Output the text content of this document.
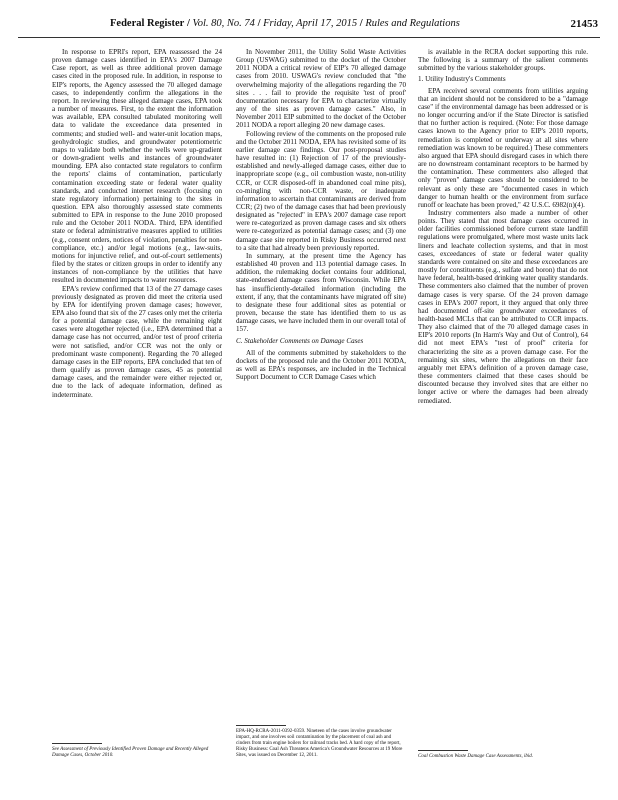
Federal Register / Vol. 80, No. 74 / Friday, April 17, 2015 / Rules and Regulations	21453

In response to EPRI's report, EPA reassessed the 24 proven damage cases identified in EPA's 2007 Damage Case report, as well as three additional proven damage cases cited in the proposed rule. In addition, in response to EIP's reports, the Agency assessed the 70 alleged damage cases, to independently confirm the allegations in the report. In reviewing these alleged damage cases, EPA took a number of measures. First, to the extent the information was available, EPA consulted tabulated monitoring well data to validate the exceedance data presented in comments; and studied well- and water-unit location maps, geohydrologic studies, and groundwater potentiometric maps to validate both whether the wells were up-gradient or down-gradient wells and instances of groundwater mounding. EPA also contacted state regulators to confirm the reports' claims of contamination, particularly contamination exceeding state or federal water quality standards, and conducted internet research (focusing on state regulatory information) pertaining to the sites in question. EPA also thoroughly assessed state comments submitted to EPA in response to the June 2010 proposed rule and the October 2011 NODA. Third, EPA identified state or federal administrative measures applied to utilities (e.g., consent orders, notices of violation, penalties for non-compliance, etc.) and/or legal motions (e.g., law-suits, motions for injunctive relief, and out-of-court settlements) filed by the states or citizen groups in order to identify any instances of non-compliance by the utilities that have resulted in documented impacts to water resources.

EPA's review confirmed that 13 of the 27 damage cases previously designated as proven did meet the criteria used by EPA for identifying proven damage cases; however, EPA also found that six of the 27 cases only met the criteria for a potential damage case, while the remaining eight cases were altogether rejected (i.e., EPA determined that a damage case has not occurred, and/or test of proof criteria were not satisfied, and/or CCR was not the only or predominant waste component). Regarding the 70 alleged damage cases in the EIP reports, EPA concluded that ten of them qualify as proven damage cases, 45 as potential damage cases, and the remainder were either rejected or, due to the lack of adequate information, defined as indeterminate.

See Assessment of Previously Identified Proven Damage and Recently Alleged Damage Cases, October 2010.

In November 2011, the Utility Solid Waste Activities Group (USWAG) submitted to the docket of the October 2011 NODA a critical review of EIP's 70 alleged damage cases from 2010. USWAG's review concluded that "the overwhelming majority of the allegations regarding the 70 sites . . . fail to provide the requisite 'test of proof' documentation necessary for EPA to characterize virtually any of the sites as proven damage cases." Also, in November 2011 EIP submitted to the docket of the October 2011 NODA a report alleging 20 new damage cases.

Following review of the comments on the proposed rule and the October 2011 NODA, EPA has revisited some of its earlier damage case findings. Our post-proposal studies have resulted in: (1) Rejection of 17 of the previously-established and newly-alleged damage cases, either due to inappropriate scope (e.g., oil combustion waste, non-utility CCR, or CCR disposed-off in abandoned coal mine pits), co-mingling with non-CCR waste, or inadequate information to ascertain that contaminants are derived from CCR; (2) two of the damage cases that had been previously designated as "rejected" in EPA's 2007 damage case report were re-categorized as proven damage cases and six others were re-categorized as potential damage cases; and (3) one damage case site reported in Risky Business occurred next to a site that had already been previously reported.

In summary, at the present time the Agency has established 40 proven and 113 potential damage cases. In addition, the rulemaking docket contains four additional, state-endorsed damage cases from Wisconsin. While EPA has insufficiently-detailed information (including the extent, if any, that the contaminants have migrated off site) to designate these four additional sites as potential or proven, because the state has identified them to us as damage cases, we have included them in our overall total of 157.

C. Stakeholder Comments on Damage Cases

All of the comments submitted by stakeholders to the dockets of the proposed rule and the October 2011 NODA, as well as EPA's responses, are included in the Technical Support Document to CCR Damage Cases which

EPA-HQ-RCRA-2011-0392-0359. Nineteen of the cases involve groundwater impact, and one involves soil contamination by the placement of coal ash and cinders from train engine boilers for railroad tracks bed. A hard copy of the report, Risky Business: Coal Ash Threatens America's Groundwater Resources at 19 More Sites, was issued on December 12, 2011.

is available in the RCRA docket supporting this rule. The following is a summary of the salient comments submitted by the various stakeholder groups.

1. Utility Industry's Comments

EPA received several comments from utilities arguing that an incident should not be considered to be a "damage case" if the environmental damage has been addressed or is no longer occurring and/or if the State Director is satisfied that no further action is required. (Note: For those damage cases known to the Agency prior to EIP's 2010 reports, remediation is completed or underway at all sites where remediation was known to be required.) These commenters also argued that EPA should disregard cases in which there are no downstream contaminant receptors to be harmed by the contamination. These commenters also alleged that only "proven" damage cases should be considered to be relevant as only these are "documented cases in which danger to human health or the environment from surface runoff or leachate has been proved," 42 U.S.C. 6982(n)(4).

Industry commenters also made a number of other points. They stated that most damage cases occurred in older facilities commissioned before current state landfill regulations were promulgated, where most waste units lack liners and leachate collection systems, and that in most cases, exceedances of state or federal water quality standards were contained on site and these exceedances are mostly for constituents (e.g., sulfate and boron) that do not have federal, health-based drinking water quality standards. These commenters also claimed that the number of proven damage cases is very sparse. Of the 24 proven damage cases in EPA's 2007 report, it they argued that only three had documented off-site groundwater exceedances of health-based MCLs that can be attributed to CCR impacts. They also claimed that of the 70 alleged damage cases in EIP's 2010 reports (In Harm's Way and Out of Control), 64 did not meet EPA's "test of proof" criteria for characterizing the site as a proven damage case. For the remaining six sites, where the allegations on their face arguably met EPA's definition of a proven damage case, these commenters claimed that these cases should be discounted because they involved sites that are either no longer active or where the damages had been already remediated.

Coal Combustion Waste Damage Case Assessments, ibid.
